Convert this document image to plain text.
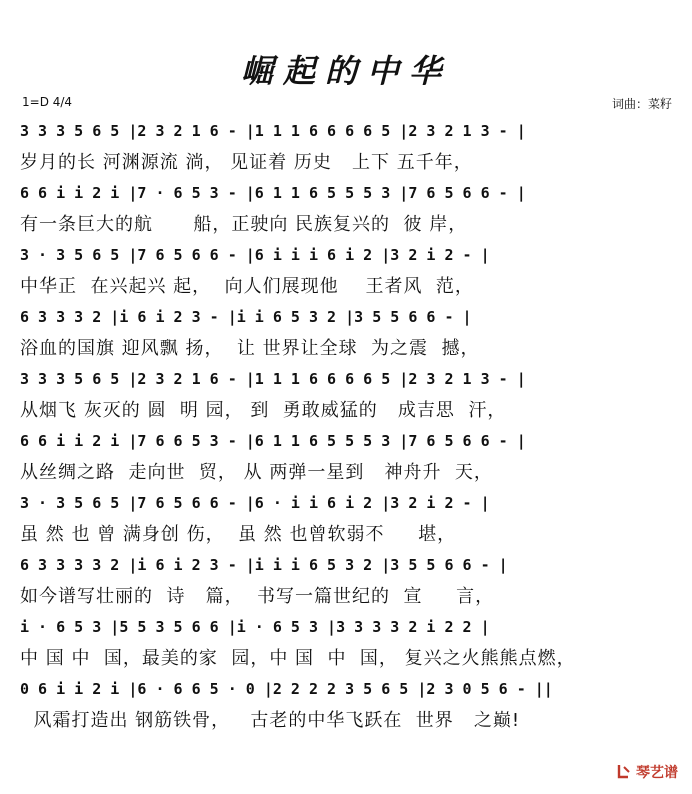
崛起的中华
1=D 4/4	词曲：菜籽
3 3 3 5 6 5 |2 3 2 1 6 - |1 1 1 6 6 6 6 5 |2 3 2 1 3 - |
岁月的长 河渊源流 淌， 见证着 历史   上下 五千年，
6 6 i i 2 i |7 · 6 5 3 - |6 1 1 6 5 5 5 3 |7 6 5 6 6 - |
有一条巨大的航      船，正驶向 民族复兴的  彼 岸，
3 · 3 5 6 5 |7 6 5 6 6 - |6 i i i 6 i 2 |3 2 i 2 - |
中华正  在兴起兴 起，  向人们展现他    王者风  范，
6 3 3 3 2 |i 6 i 2 3 - |i i 6 5 3 2 |3 5 5 6 6 - |
浴血的国旗 迎风飘 扬，  让 世界让全球  为之震  撼，
3 3 3 5 6 5 |2 3 2 1 6 - |1 1 1 6 6 6 6 5 |2 3 2 1 3 - |
从烟飞 灰灭的 圆  明 园， 到  勇敢威猛的   成吉思  汗，
6 6 i i 2 i |7 6 6 5 3 - |6 1 1 6 5 5 5 3 |7 6 5 6 6 - |
从丝绸之路  走向世  贸， 从 两弹一星到   神舟升  天，
3 · 3 5 6 5 |7 6 5 6 6 - |6 · i i 6 i 2 |3 2 i 2 - |
虽 然 也 曾 满身创 伤，  虽 然 也曾软弱不     堪，
6 3 3 3 3 2 |i 6 i 2 3 - |i i i 6 5 3 2 |3 5 5 6 6 - |
如今谱写壮丽的  诗   篇，  书写一篇世纪的  宣     言，
i · 6 5 3 |5 5 3 5 6 6 |i · 6 5 3 |3 3 3 3 2 i 2 2 |
中 国 中  国，最美的家  园，中 国  中  国， 复兴之火熊熊点燃，
0 6 i i 2 i |6 · 6 6 5 · 0 |2 2 2 2 3 5 6 5 |2 3 0 5 6 - ||
风霜打造出 钢筋铁骨，   古老的中华飞跃在  世界   之巅!
琴艺谱
